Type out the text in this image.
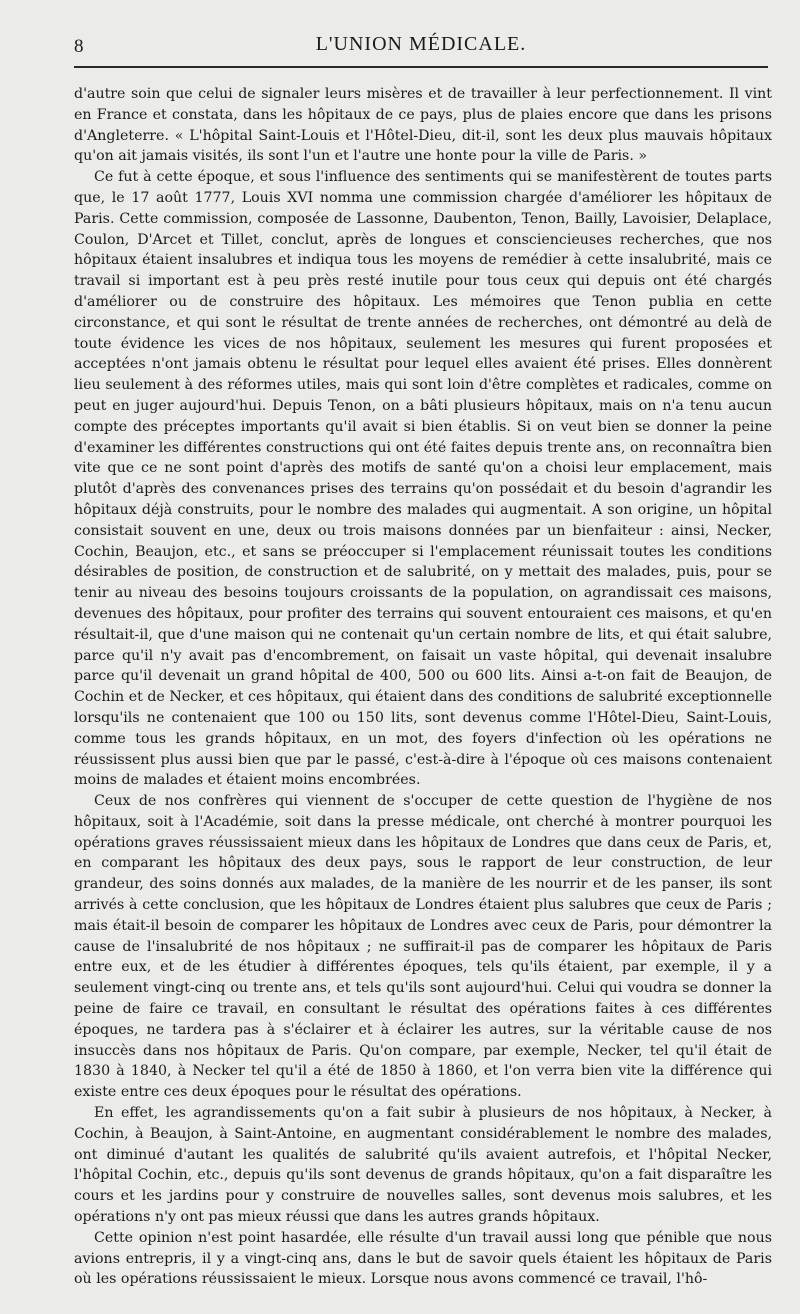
8	L'UNION MÉDICALE.

d'autre soin que celui de signaler leurs misères et de travailler à leur perfectionnement. Il vint en France et constata, dans les hôpitaux de ce pays, plus de plaies encore que dans les prisons d'Angleterre. « L'hôpital Saint-Louis et l'Hôtel-Dieu, dit-il, sont les deux plus mauvais hôpitaux qu'on ait jamais visités, ils sont l'un et l'autre une honte pour la ville de Paris. »

Ce fut à cette époque, et sous l'influence des sentiments qui se manifestèrent de toutes parts que, le 17 août 1777, Louis XVI nomma une commission chargée d'améliorer les hôpitaux de Paris. Cette commission, composée de Lassonne, Daubenton, Tenon, Bailly, Lavoisier, Delaplace, Coulon, D'Arcet et Tillet, conclut, après de longues et consciencieuses recherches, que nos hôpitaux étaient insalubres et indiqua tous les moyens de remédier à cette insalubrité, mais ce travail si important est à peu près resté inutile pour tous ceux qui depuis ont été chargés d'améliorer ou de construire des hôpitaux. Les mémoires que Tenon publia en cette circonstance, et qui sont le résultat de trente années de recherches, ont démontré au delà de toute évidence les vices de nos hôpitaux, seulement les mesures qui furent proposées et acceptées n'ont jamais obtenu le résultat pour lequel elles avaient été prises. Elles donnèrent lieu seulement à des réformes utiles, mais qui sont loin d'être complètes et radicales, comme on peut en juger aujourd'hui. Depuis Tenon, on a bâti plusieurs hôpitaux, mais on n'a tenu aucun compte des préceptes importants qu'il avait si bien établis. Si on veut bien se donner la peine d'examiner les différentes constructions qui ont été faites depuis trente ans, on reconnaîtra bien vite que ce ne sont point d'après des motifs de santé qu'on a choisi leur emplacement, mais plutôt d'après des convenances prises des terrains qu'on possédait et du besoin d'agrandir les hôpitaux déjà construits, pour le nombre des malades qui augmentait. A son origine, un hôpital consistait souvent en une, deux ou trois maisons données par un bienfaiteur : ainsi, Necker, Cochin, Beaujon, etc., et sans se préoccuper si l'emplacement réunissait toutes les conditions désirables de position, de construction et de salubrité, on y mettait des malades, puis, pour se tenir au niveau des besoins toujours croissants de la population, on agrandissait ces maisons, devenues des hôpitaux, pour profiter des terrains qui souvent entouraient ces maisons, et qu'en résultait-il, que d'une maison qui ne contenait qu'un certain nombre de lits, et qui était salubre, parce qu'il n'y avait pas d'encombrement, on faisait un vaste hôpital, qui devenait insalubre parce qu'il devenait un grand hôpital de 400, 500 ou 600 lits. Ainsi a-t-on fait de Beaujon, de Cochin et de Necker, et ces hôpitaux, qui étaient dans des conditions de salubrité exceptionnelle lorsqu'ils ne contenaient que 100 ou 150 lits, sont devenus comme l'Hôtel-Dieu, Saint-Louis, comme tous les grands hôpitaux, en un mot, des foyers d'infection où les opérations ne réussissent plus aussi bien que par le passé, c'est-à-dire à l'époque où ces maisons contenaient moins de malades et étaient moins encombrées.

Ceux de nos confrères qui viennent de s'occuper de cette question de l'hygiène de nos hôpitaux, soit à l'Académie, soit dans la presse médicale, ont cherché à montrer pourquoi les opérations graves réussissaient mieux dans les hôpitaux de Londres que dans ceux de Paris, et, en comparant les hôpitaux des deux pays, sous le rapport de leur construction, de leur grandeur, des soins donnés aux malades, de la manière de les nourrir et de les panser, ils sont arrivés à cette conclusion, que les hôpitaux de Londres étaient plus salubres que ceux de Paris ; mais était-il besoin de comparer les hôpitaux de Londres avec ceux de Paris, pour démontrer la cause de l'insalubrité de nos hôpitaux ; ne suffirait-il pas de comparer les hôpitaux de Paris entre eux, et de les étudier à différentes époques, tels qu'ils étaient, par exemple, il y a seulement vingt-cinq ou trente ans, et tels qu'ils sont aujourd'hui. Celui qui voudra se donner la peine de faire ce travail, en consultant le résultat des opérations faites à ces différentes époques, ne tardera pas à s'éclairer et à éclairer les autres, sur la véritable cause de nos insuccès dans nos hôpitaux de Paris. Qu'on compare, par exemple, Necker, tel qu'il était de 1830 à 1840, à Necker tel qu'il a été de 1850 à 1860, et l'on verra bien vite la différence qui existe entre ces deux époques pour le résultat des opérations.

En effet, les agrandissements qu'on a fait subir à plusieurs de nos hôpitaux, à Necker, à Cochin, à Beaujon, à Saint-Antoine, en augmentant considérablement le nombre des malades, ont diminué d'autant les qualités de salubrité qu'ils avaient autrefois, et l'hôpital Necker, l'hôpital Cochin, etc., depuis qu'ils sont devenus de grands hôpitaux, qu'on a fait disparaître les cours et les jardins pour y construire de nouvelles salles, sont devenus mois salubres, et les opérations n'y ont pas mieux réussi que dans les autres grands hôpitaux.

Cette opinion n'est point hasardée, elle résulte d'un travail aussi long que pénible que nous avions entrepris, il y a vingt-cinq ans, dans le but de savoir quels étaient les hôpitaux de Paris où les opérations réussissaient le mieux. Lorsque nous avons commencé ce travail, l'hô-
